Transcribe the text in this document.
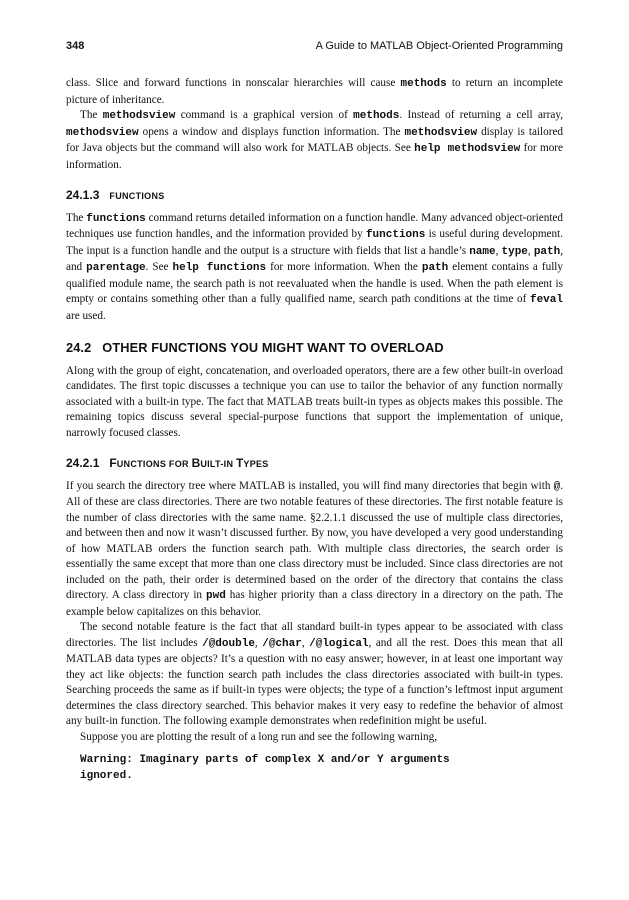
348	A Guide to MATLAB Object-Oriented Programming

class. Slice and forward functions in nonscalar hierarchies will cause methods to return an incomplete picture of inheritance.

The methodsview command is a graphical version of methods. Instead of returning a cell array, methodsview opens a window and displays function information. The methodsview display is tailored for Java objects but the command will also work for MATLAB objects. See help methodsview for more information.

24.1.3 FUNCTIONS

The functions command returns detailed information on a function handle. Many advanced object-oriented techniques use function handles, and the information provided by functions is useful during development. The input is a function handle and the output is a structure with fields that list a handle’s name, type, path, and parentage. See help functions for more information. When the path element contains a fully qualified module name, the search path is not reevaluated when the handle is used. When the path element is empty or contains something other than a fully qualified name, search path conditions at the time of feval are used.

24.2 OTHER FUNCTIONS YOU MIGHT WANT TO OVERLOAD

Along with the group of eight, concatenation, and overloaded operators, there are a few other built-in overload candidates. The first topic discusses a technique you can use to tailor the behavior of any function normally associated with a built-in type. The fact that MATLAB treats built-in types as objects makes this possible. The remaining topics discuss several special-purpose functions that support the implementation of unique, narrowly focused classes.

24.2.1 FUNCTIONS FOR BUILT-IN TYPES

If you search the directory tree where MATLAB is installed, you will find many directories that begin with @. All of these are class directories. There are two notable features of these directories. The first notable feature is the number of class directories with the same name. §2.2.1.1 discussed the use of multiple class directories, and between then and now it wasn’t discussed further. By now, you have developed a very good understanding of how MATLAB orders the function search path. With multiple class directories, the search order is essentially the same except that more than one class directory must be included. Since class directories are not included on the path, their order is determined based on the order of the directory that contains the class directory. A class directory in pwd has higher priority than a class directory in a directory on the path. The example below capitalizes on this behavior.

The second notable feature is the fact that all standard built-in types appear to be associated with class directories. The list includes /@double, /@char, /@logical, and all the rest. Does this mean that all MATLAB data types are objects? It’s a question with no easy answer; however, in at least one important way they act like objects: the function search path includes the class directories associated with built-in types. Searching proceeds the same as if built-in types were objects; the type of a function’s leftmost input argument determines the class directory searched. This behavior makes it very easy to redefine the behavior of almost any built-in function. The following example demonstrates when redefinition might be useful.

Suppose you are plotting the result of a long run and see the following warning,

Warning: Imaginary parts of complex X and/or Y arguments
ignored.
